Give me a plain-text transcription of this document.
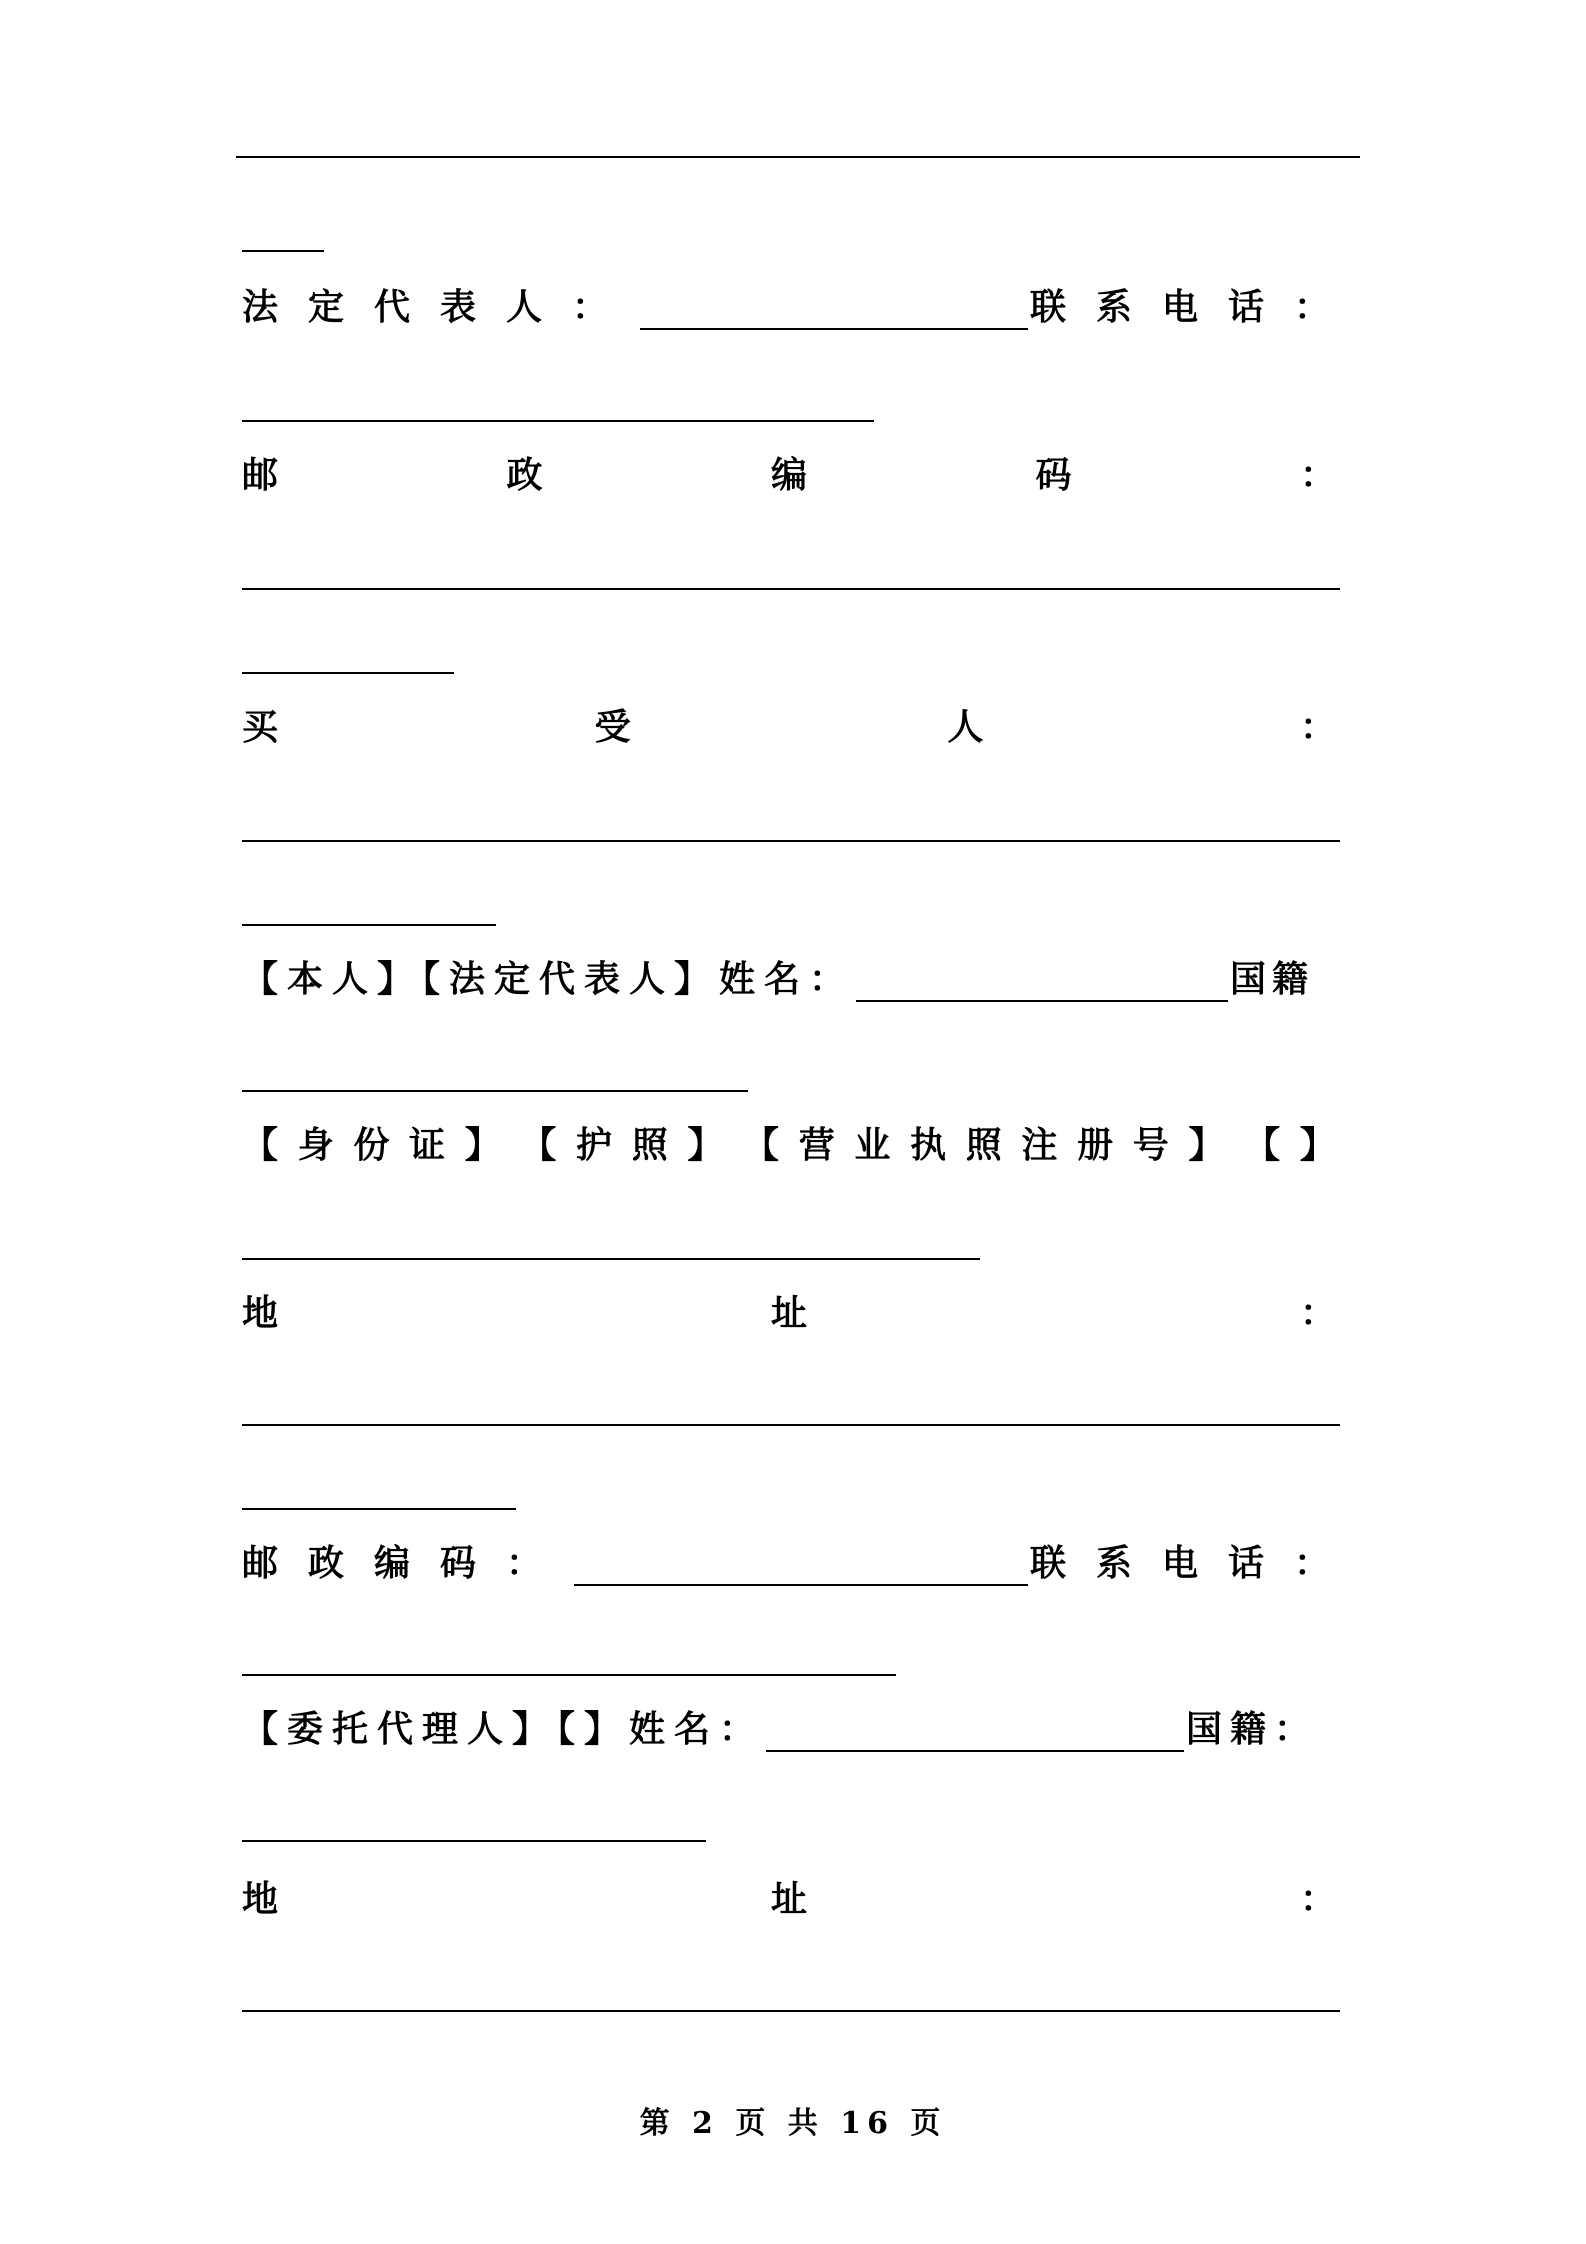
法定代表人：	联系电话：
邮	政	编	码	：
买	受	人	：
【本人】【法定代表人】姓名：	国籍
【 身 份 证 】 【 护 照 】 【 营 业 执 照 注 册 号 】 【 】
地	址	：
邮政编码：	联系电话：
【委托代理人】【】姓名：	国籍：
地	址	：
第 2 页 共 16 页
